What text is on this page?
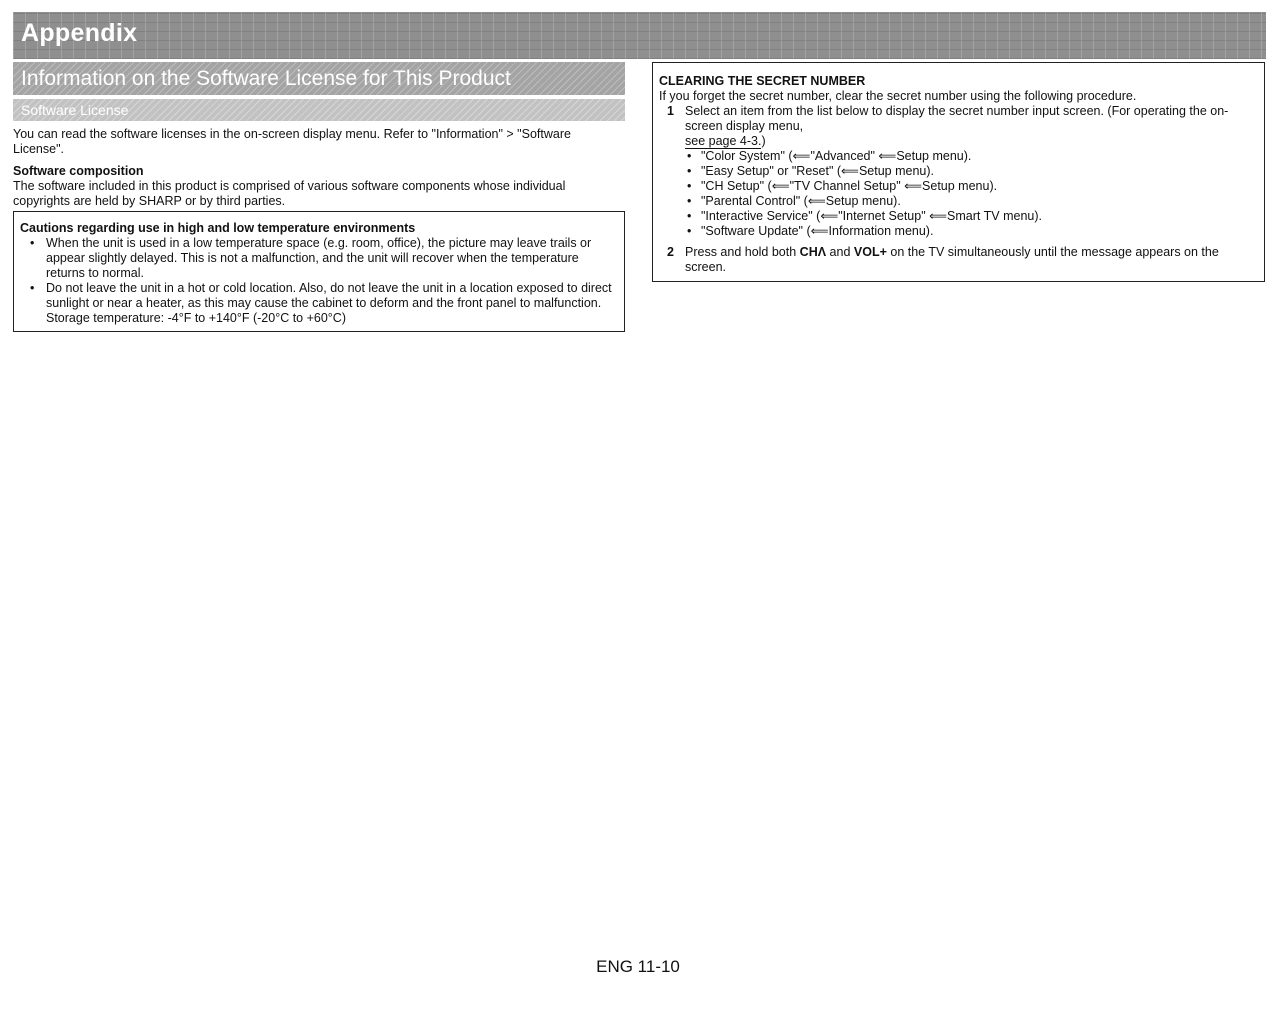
Appendix
Information on the Software License for This Product
Software License

You can read the software licenses in the on-screen display menu. Refer to "Information" > "Software License".

Software composition

The software included in this product is comprised of various software components whose individual copyrights are held by SHARP or by third parties.

Cautions regarding use in high and low temperature environments
• When the unit is used in a low temperature space (e.g. room, office), the picture may leave trails or appear slightly delayed. This is not a malfunction, and the unit will recover when the temperature returns to normal.
• Do not leave the unit in a hot or cold location. Also, do not leave the unit in a location exposed to direct sunlight or near a heater, as this may cause the cabinet to deform and the front panel to malfunction.
Storage temperature: -4°F to +140°F (-20°C to +60°C)
CLEARING THE SECRET NUMBER

If you forget the secret number, clear the secret number using the following procedure.

1 Select an item from the list below to display the secret number input screen. (For operating the on-screen display menu,
see page 4-3.)
• "Color System" (⟸"Advanced" ⟸Setup menu).
• "Easy Setup" or "Reset" (⟸Setup menu).
• "CH Setup" (⟸"TV Channel Setup" ⟸Setup menu).
• "Parental Control" (⟸Setup menu).
• "Interactive Service" (⟸"Internet Setup" ⟸Smart TV menu).
• "Software Update" (⟸Information menu).
2 Press and hold both CHΛ and VOL+ on the TV simultaneously until the message appears on the screen.
ENG 11-10
